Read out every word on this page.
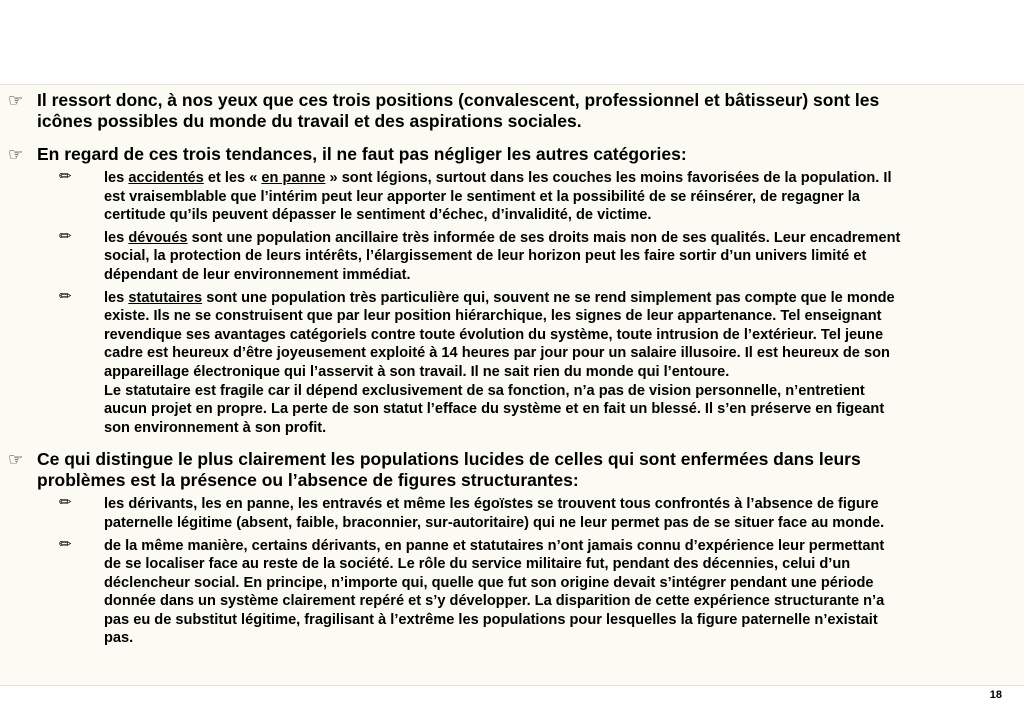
☞ Il ressort donc, à nos yeux que ces trois positions (convalescent, professionnel et bâtisseur) sont les
icônes possibles du monde du travail et des aspirations sociales.
☞ En regard de ces trois tendances, il ne faut pas négliger les autres catégories:
✏ les accidentés et les « en panne » sont légions, surtout dans les couches les moins favorisées de la population. Il
est vraisemblable que l’intérim peut leur apporter le sentiment et la possibilité de se réinsérer, de regagner la
certitude qu’ils peuvent dépasser le sentiment d’échec, d’invalidité, de victime.
✏ les dévoués sont une population ancillaire très informée de ses droits mais non de ses qualités. Leur encadrement
social, la protection de leurs intérêts, l’élargissement de leur horizon peut les faire sortir d’un univers limité et
dépendant de leur environnement immédiat.
✏ les statutaires sont une population très particulière qui, souvent ne se rend simplement pas compte que le monde
existe. Ils ne se construisent que par leur position hiérarchique, les signes de leur appartenance. Tel enseignant
revendique ses avantages catégoriels contre toute évolution du système, toute intrusion de l’extérieur. Tel jeune
cadre est heureux d’être joyeusement exploité à 14 heures par jour pour un salaire illusoire. Il est heureux de son
appareillage électronique qui l’asservit à son travail. Il ne sait rien du monde qui l’entoure.
Le statutaire est fragile car il dépend exclusivement de sa fonction, n’a pas de vision personnelle, n’entretient
aucun projet en propre. La perte de son statut l’efface du système et en fait un blessé. Il s’en préserve en figeant
son environnement à son profit.
☞ Ce qui distingue le plus clairement les populations lucides de celles qui sont enfermées dans leurs
problèmes est la présence ou l’absence de figures structurantes:
✏ les dérivants, les en panne, les entravés et même les égoïstes se trouvent tous confrontés à l’absence de figure
paternelle légitime (absent, faible, braconnier, sur-autoritaire) qui ne leur permet pas de se situer face au monde.
✏ de la même manière, certains dérivants, en panne et statutaires n’ont jamais connu d’expérience leur permettant
de se localiser face au reste de la société. Le rôle du service militaire fut, pendant des décennies, celui d’un
déclencheur social. En principe, n’importe qui, quelle que fut son origine devait s’intégrer pendant une période
donnée dans un système clairement repéré et s’y développer. La disparition de cette expérience structurante n’a
pas eu de substitut légitime, fragilisant à l’extrême les populations pour lesquelles la figure paternelle n’existait
pas.
18
